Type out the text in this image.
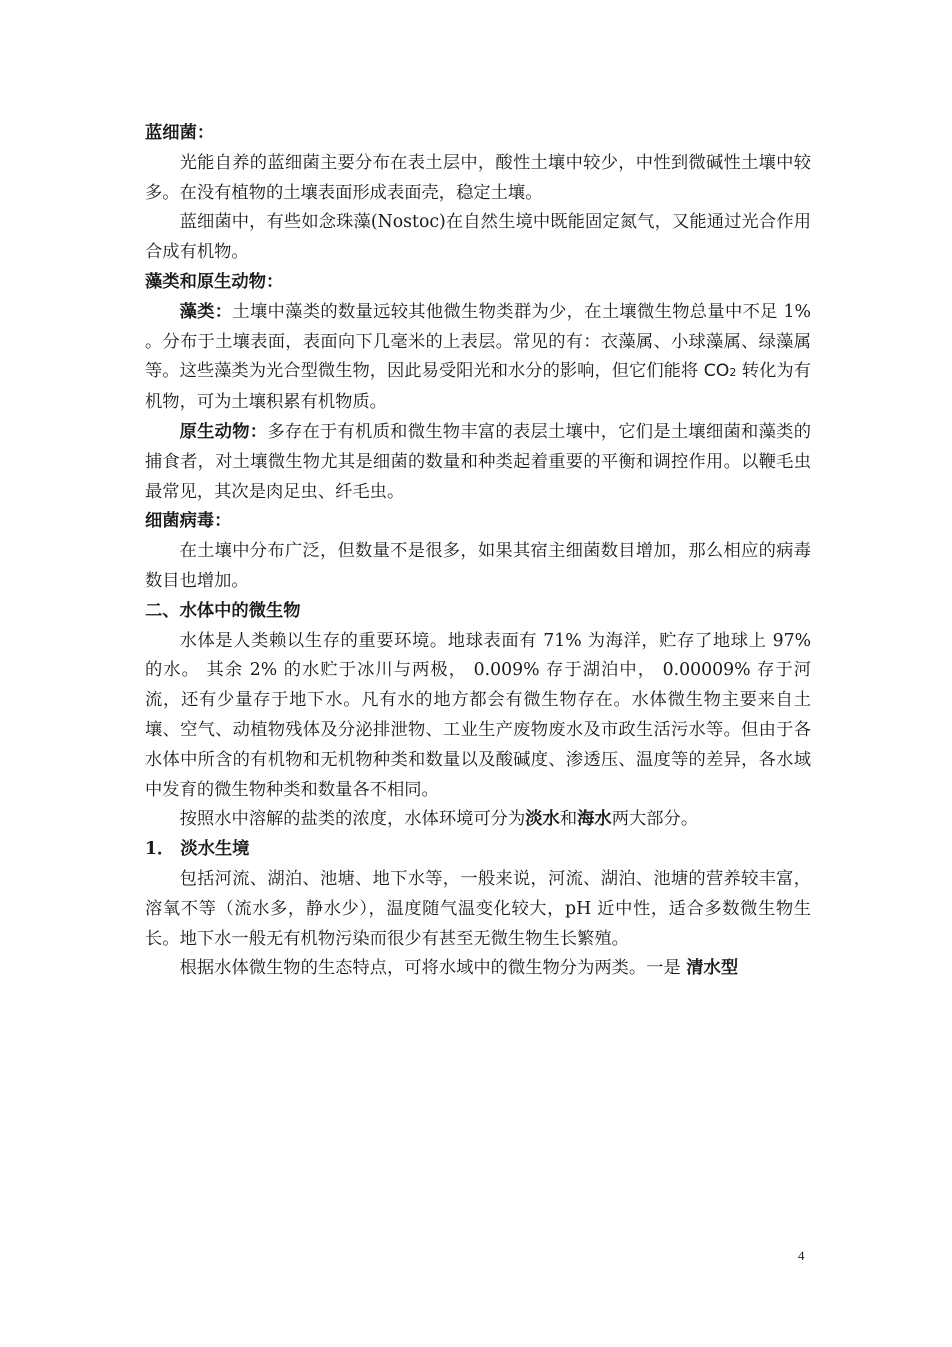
蓝细菌：

光能自养的蓝细菌主要分布在表土层中，酸性土壤中较少，中性到微碱性土壤中较多。在没有植物的土壤表面形成表面壳，稳定土壤。

蓝细菌中，有些如念珠藻(Nostoc)在自然生境中既能固定氮气，又能通过光合作用合成有机物。

藻类和原生动物：

藻类：土壤中藻类的数量远较其他微生物类群为少，在土壤微生物总量中不足 1% 。分布于土壤表面，表面向下几毫米的上表层。常见的有：衣藻属、小球藻属、绿藻属等。这些藻类为光合型微生物，因此易受阳光和水分的影响，但它们能将 CO2 转化为有机物，可为土壤积累有机物质。

原生动物：多存在于有机质和微生物丰富的表层土壤中，它们是土壤细菌和藻类的捕食者，对土壤微生物尤其是细菌的数量和种类起着重要的平衡和调控作用。以鞭毛虫最常见，其次是肉足虫、纤毛虫。

细菌病毒：

在土壤中分布广泛，但数量不是很多，如果其宿主细菌数目增加，那么相应的病毒数目也增加。

二、水体中的微生物

水体是人类赖以生存的重要环境。地球表面有 71% 为海洋，贮存了地球上 97% 的水。 其余 2% 的水贮于冰川与两极， 0.009% 存于湖泊中， 0.00009% 存于河流，还有少量存于地下水。凡有水的地方都会有微生物存在。水体微生物主要来自土壤、空气、动植物残体及分泌排泄物、工业生产废物废水及市政生活污水等。但由于各水体中所含的有机物和无机物种类和数量以及酸碱度、渗透压、温度等的差异，各水域中发育的微生物种类和数量各不相同。

按照水中溶解的盐类的浓度，水体环境可分为淡水和海水两大部分。

1． 淡水生境

包括河流、湖泊、池塘、地下水等，一般来说，河流、湖泊、池塘的营养较丰富，溶氧不等（流水多，静水少），温度随气温变化较大，pH 近中性，适合多数微生物生长。地下水一般无有机物污染而很少有甚至无微生物生长繁殖。

根据水体微生物的生态特点，可将水域中的微生物分为两类。一是 清水型

4
